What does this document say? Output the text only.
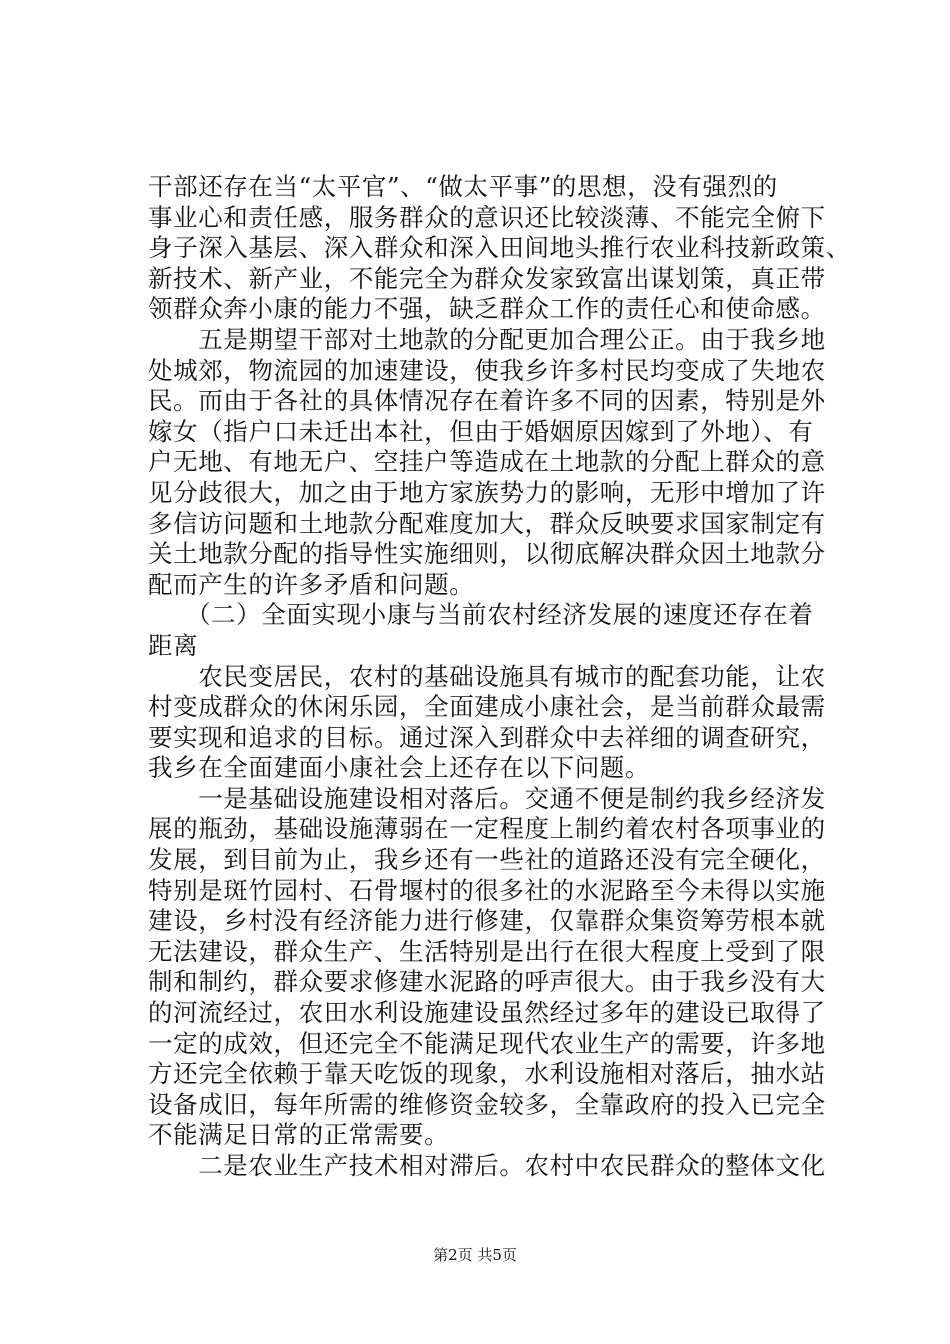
干部还存在当“太平官”、“做太平事”的思想，没有强烈的
事业心和责任感，服务群众的意识还比较淡薄、不能完全俯下
身子深入基层、深入群众和深入田间地头推行农业科技新政策、
新技术、新产业，不能完全为群众发家致富出谋划策，真正带
领群众奔小康的能力不强，缺乏群众工作的责任心和使命感。
　　五是期望干部对土地款的分配更加合理公正。由于我乡地
处城郊，物流园的加速建设，使我乡许多村民均变成了失地农
民。而由于各社的具体情况存在着许多不同的因素，特别是外
嫁女（指户口未迁出本社，但由于婚姻原因嫁到了外地）、有
户无地、有地无户、空挂户等造成在土地款的分配上群众的意
见分歧很大，加之由于地方家族势力的影响，无形中增加了许
多信访问题和土地款分配难度加大，群众反映要求国家制定有
关土地款分配的指导性实施细则，以彻底解决群众因土地款分
配而产生的许多矛盾和问题。
　　（二）全面实现小康与当前农村经济发展的速度还存在着
距离
　　农民变居民，农村的基础设施具有城市的配套功能，让农
村变成群众的休闲乐园，全面建成小康社会，是当前群众最需
要实现和追求的目标。通过深入到群众中去祥细的调查研究，
我乡在全面建面小康社会上还存在以下问题。
　　一是基础设施建设相对落后。交通不便是制约我乡经济发
展的瓶劲，基础设施薄弱在一定程度上制约着农村各项事业的
发展，到目前为止，我乡还有一些社的道路还没有完全硬化，
特别是斑竹园村、石骨堰村的很多社的水泥路至今未得以实施
建设，乡村没有经济能力进行修建，仅靠群众集资筹劳根本就
无法建设，群众生产、生活特别是出行在很大程度上受到了限
制和制约，群众要求修建水泥路的呼声很大。由于我乡没有大
的河流经过，农田水利设施建设虽然经过多年的建设已取得了
一定的成效，但还完全不能满足现代农业生产的需要，许多地
方还完全依赖于靠天吃饭的现象，水利设施相对落后，抽水站
设备成旧，每年所需的维修资金较多，全靠政府的投入已完全
不能满足日常的正常需要。
　　二是农业生产技术相对滞后。农村中农民群众的整体文化
第2页 共5页
